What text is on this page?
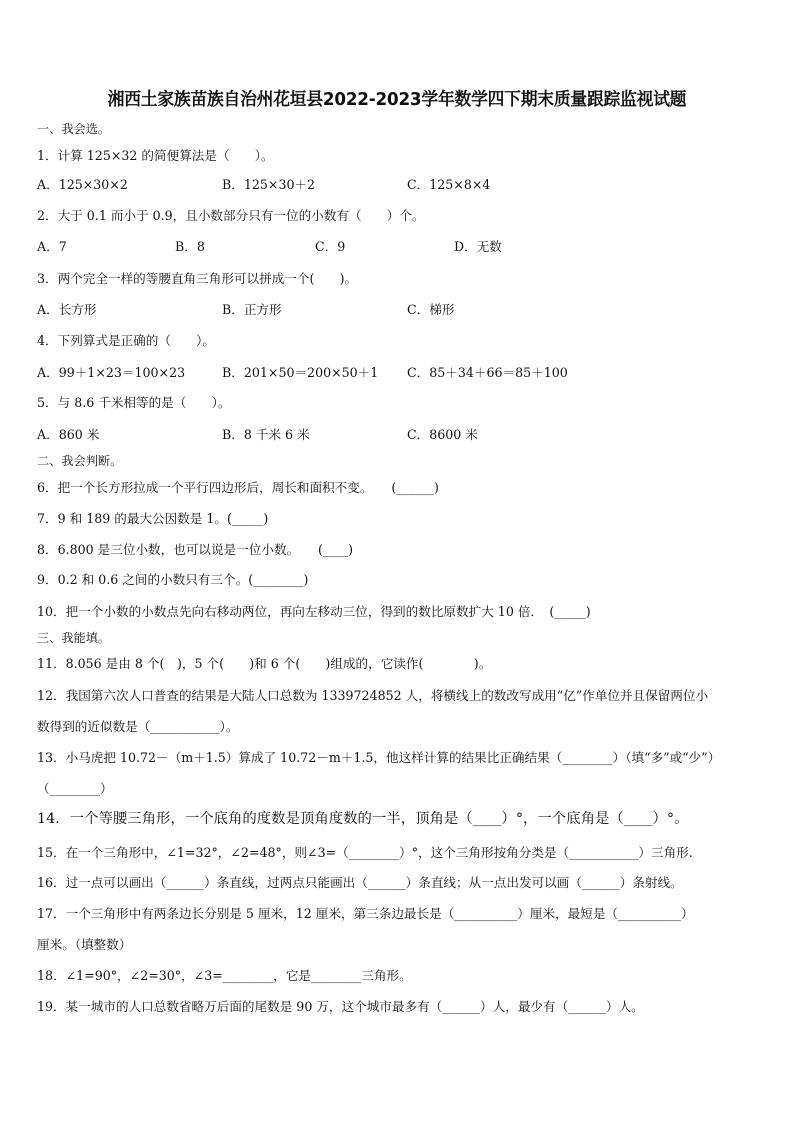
湘西土家族苗族自治州花垣县2022-2023学年数学四下期末质量跟踪监视试题
一、我会选。
1．计算 125×32 的简便算法是（　　）。
A．125×30×2	B．125×30＋2	C．125×8×4
2．大于 0.1 而小于 0.9，且小数部分只有一位的小数有（　　）个。
A．7	B．8	C．9	D．无数
3．两个完全一样的等腰直角三角形可以拼成一个(　　)。
A．长方形	B．正方形	C．梯形
4．下列算式是正确的（　　）。
A．99＋1×23＝100×23	B．201×50＝200×50＋1 C．85＋34＋66＝85＋100
5．与 8.6 千米相等的是（　　）。
A．860 米	B．8 千米 6 米	C．8600 米
二、我会判断。
6．把一个长方形拉成一个平行四边形后，周长和面积不变。　　(______)
7．9 和 189 的最大公因数是 1。(_____)
8．6.800 是三位小数，也可以说是一位小数。　　(____)
9．0.2 和 0.6 之间的小数只有三个。(________)
10．把一个小数的小数点先向右移动两位，再向左移动三位，得到的数比原数扩大 10 倍．　(_____)
三、我能填。
11．8.056 是由 8 个(　)，5 个(　　)和 6 个(　　)组成的，它读作(　　　　)。
12．我国第六次人口普查的结果是大陆人口总数为 1339724852 人，将横线上的数改写成用“亿”作单位并且保留两位小
数得到的近似数是（___________）。
13．小马虎把 10.72－（m＋1.5）算成了 10.72－m＋1.5，他这样计算的结果比正确结果（________）（填“多”或“少”）
（________）
14．一个等腰三角形，一个底角的度数是顶角度数的一半，顶角是（____）°，一个底角是（____）°。
15．在一个三角形中，∠1=32°，∠2=48°，则∠3=（________）°，这个三角形按角分类是（___________）三角形.
16．过一点可以画出（______）条直线，过两点只能画出（______）条直线；从一点出发可以画（______）条射线。
17．一个三角形中有两条边长分别是 5 厘米，12 厘米，第三条边最长是（__________）厘米，最短是（__________）
厘米。（填整数）
18．∠1=90°，∠2=30°，∠3=________，它是________三角形。
19．某一城市的人口总数省略万后面的尾数是 90 万，这个城市最多有（______）人，最少有（______）人。
